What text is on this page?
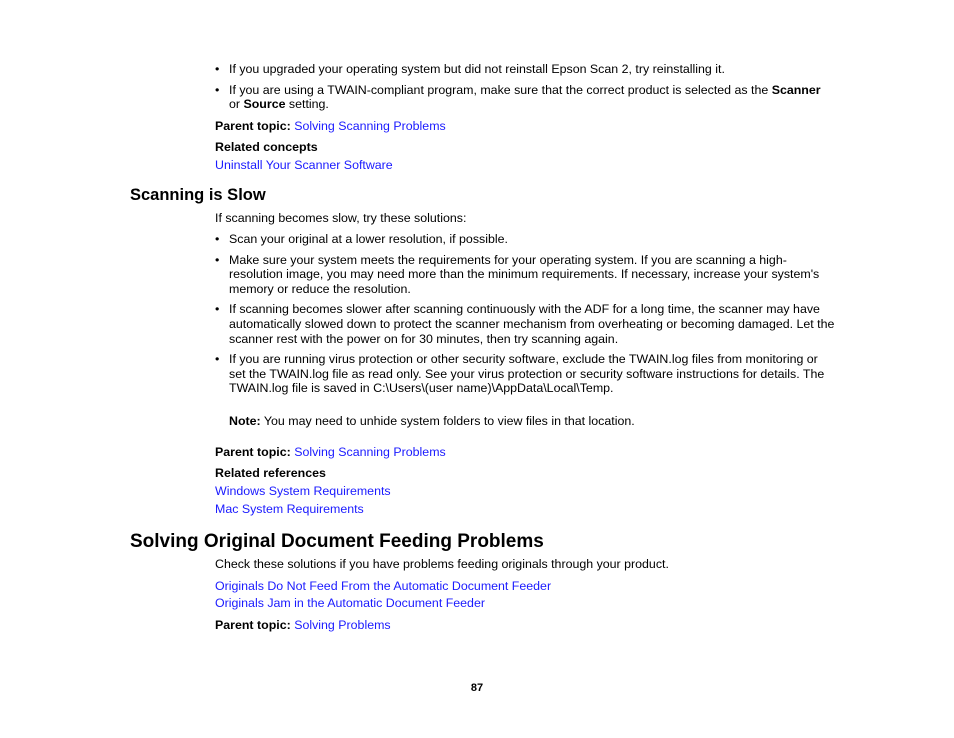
• If you upgraded your operating system but did not reinstall Epson Scan 2, try reinstalling it.
• If you are using a TWAIN-compliant program, make sure that the correct product is selected as the Scanner or Source setting.
Parent topic: Solving Scanning Problems
Related concepts
Uninstall Your Scanner Software
Scanning is Slow
If scanning becomes slow, try these solutions:
• Scan your original at a lower resolution, if possible.
• Make sure your system meets the requirements for your operating system. If you are scanning a high-resolution image, you may need more than the minimum requirements. If necessary, increase your system's memory or reduce the resolution.
• If scanning becomes slower after scanning continuously with the ADF for a long time, the scanner may have automatically slowed down to protect the scanner mechanism from overheating or becoming damaged. Let the scanner rest with the power on for 30 minutes, then try scanning again.
• If you are running virus protection or other security software, exclude the TWAIN.log files from monitoring or set the TWAIN.log file as read only. See your virus protection or security software instructions for details. The TWAIN.log file is saved in C:\Users\(user name)\AppData\Local\Temp.
Note: You may need to unhide system folders to view files in that location.
Parent topic: Solving Scanning Problems
Related references
Windows System Requirements
Mac System Requirements
Solving Original Document Feeding Problems
Check these solutions if you have problems feeding originals through your product.
Originals Do Not Feed From the Automatic Document Feeder
Originals Jam in the Automatic Document Feeder
Parent topic: Solving Problems
87
